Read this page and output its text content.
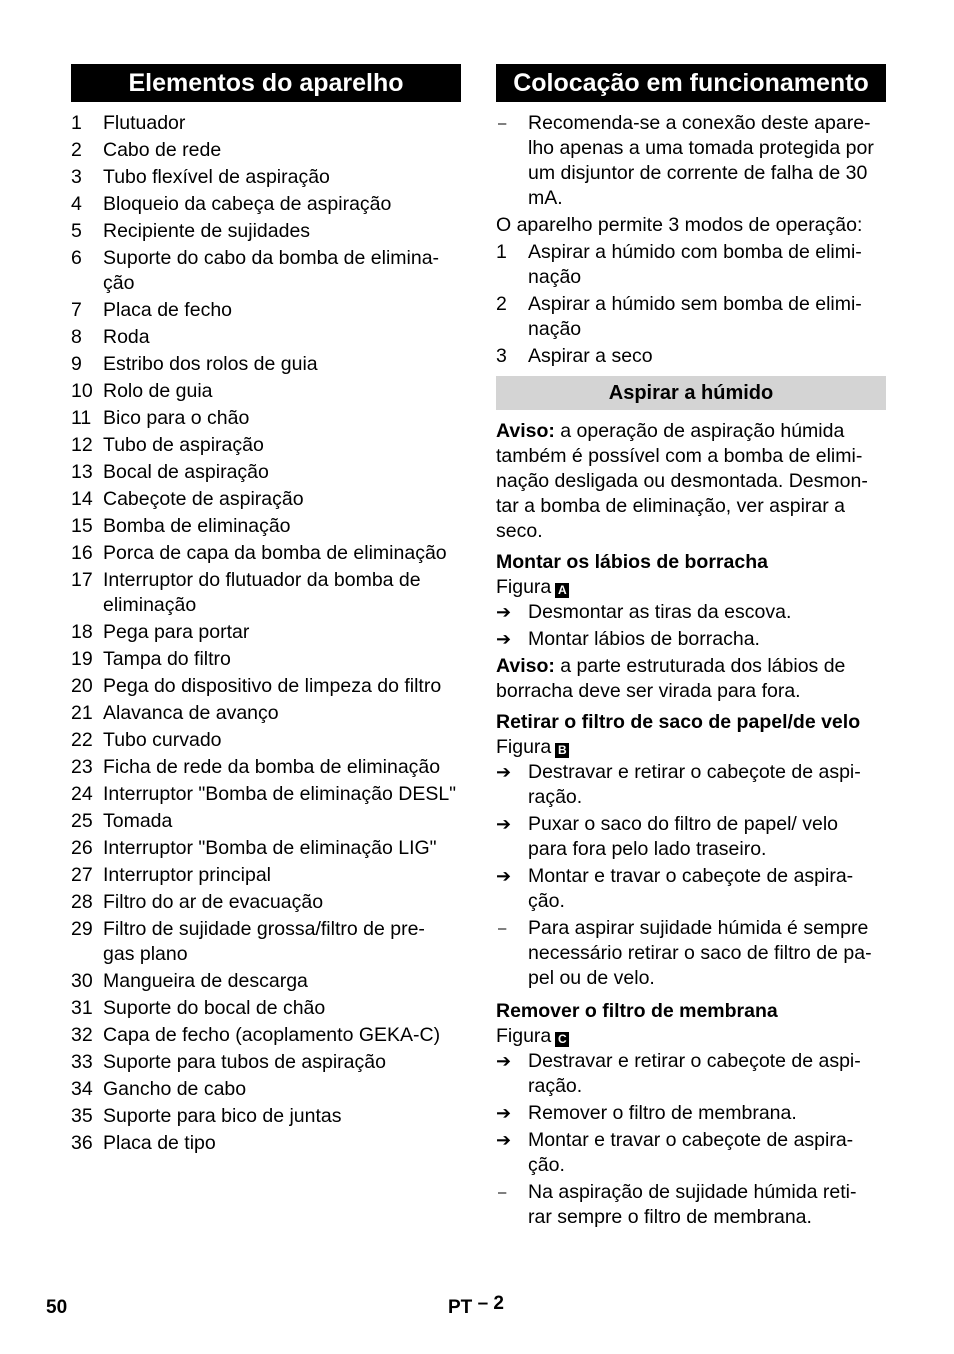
Elementos do aparelho
1	Flutuador
2	Cabo de rede
3	Tubo flexível de aspiração
4	Bloqueio da cabeça de aspiração
5	Recipiente de sujidades
6	Suporte do cabo da bomba de elimina-
ção
7	Placa de fecho
8	Roda
9	Estribo dos rolos de guia
10 Rolo de guia
11 Bico para o chão
12 Tubo de aspiração
13 Bocal de aspiração
14 Cabeçote de aspiração
15 Bomba de eliminação
16 Porca de capa da bomba de eliminação
17 Interruptor do flutuador da bomba de eliminação
18 Pega para portar
19 Tampa do filtro
20 Pega do dispositivo de limpeza do filtro
21 Alavanca de avanço
22 Tubo curvado
23 Ficha de rede da bomba de eliminação
24 Interruptor "Bomba de eliminação DESL"
25 Tomada
26 Interruptor "Bomba de eliminação LIG"
27 Interruptor principal
28 Filtro do ar de evacuação
29 Filtro de sujidade grossa/filtro de pre-
gas plano
30 Mangueira de descarga
31 Suporte do bocal de chão
32 Capa de fecho (acoplamento GEKA-C)
33 Suporte para tubos de aspiração
34 Gancho de cabo
35 Suporte para bico de juntas
36 Placa de tipo
Colocação em funcionamento
–	Recomenda-se a conexão deste apare-
lho apenas a uma tomada protegida por
um disjuntor de corrente de falha de 30
mA.
O aparelho permite 3 modos de operação:
1	Aspirar a húmido com bomba de elimi-
nação
2	Aspirar a húmido sem bomba de elimi-
nação
3	Aspirar a seco
Aspirar a húmido
Aviso: a operação de aspiração húmida também é possível com a bomba de elimi-nação desligada ou desmontada. Desmon-tar a bomba de eliminação, ver aspirar a seco.
Montar os lábios de borracha
Figura A
➔ Desmontar as tiras da escova.
➔ Montar lábios de borracha.
Aviso: a parte estruturada dos lábios de borracha deve ser virada para fora.
Retirar o filtro de saco de papel/de velo
Figura B
➔ Destravar e retirar o cabeçote de aspi-
ração.
➔ Puxar o saco do filtro de papel/ velo
para fora pelo lado traseiro.
➔ Montar e travar o cabeçote de aspira-
ção.
–	Para aspirar sujidade húmida é sempre
necessário retirar o saco de filtro de pa-
pel ou de velo.
Remover o filtro de membrana
Figura C
➔ Destravar e retirar o cabeçote de aspi-
ração.
➔ Remover o filtro de membrana.
➔ Montar e travar o cabeçote de aspira-
ção.
–	Na aspiração de sujidade húmida reti-
rar sempre o filtro de membrana.
50	PT – 2
